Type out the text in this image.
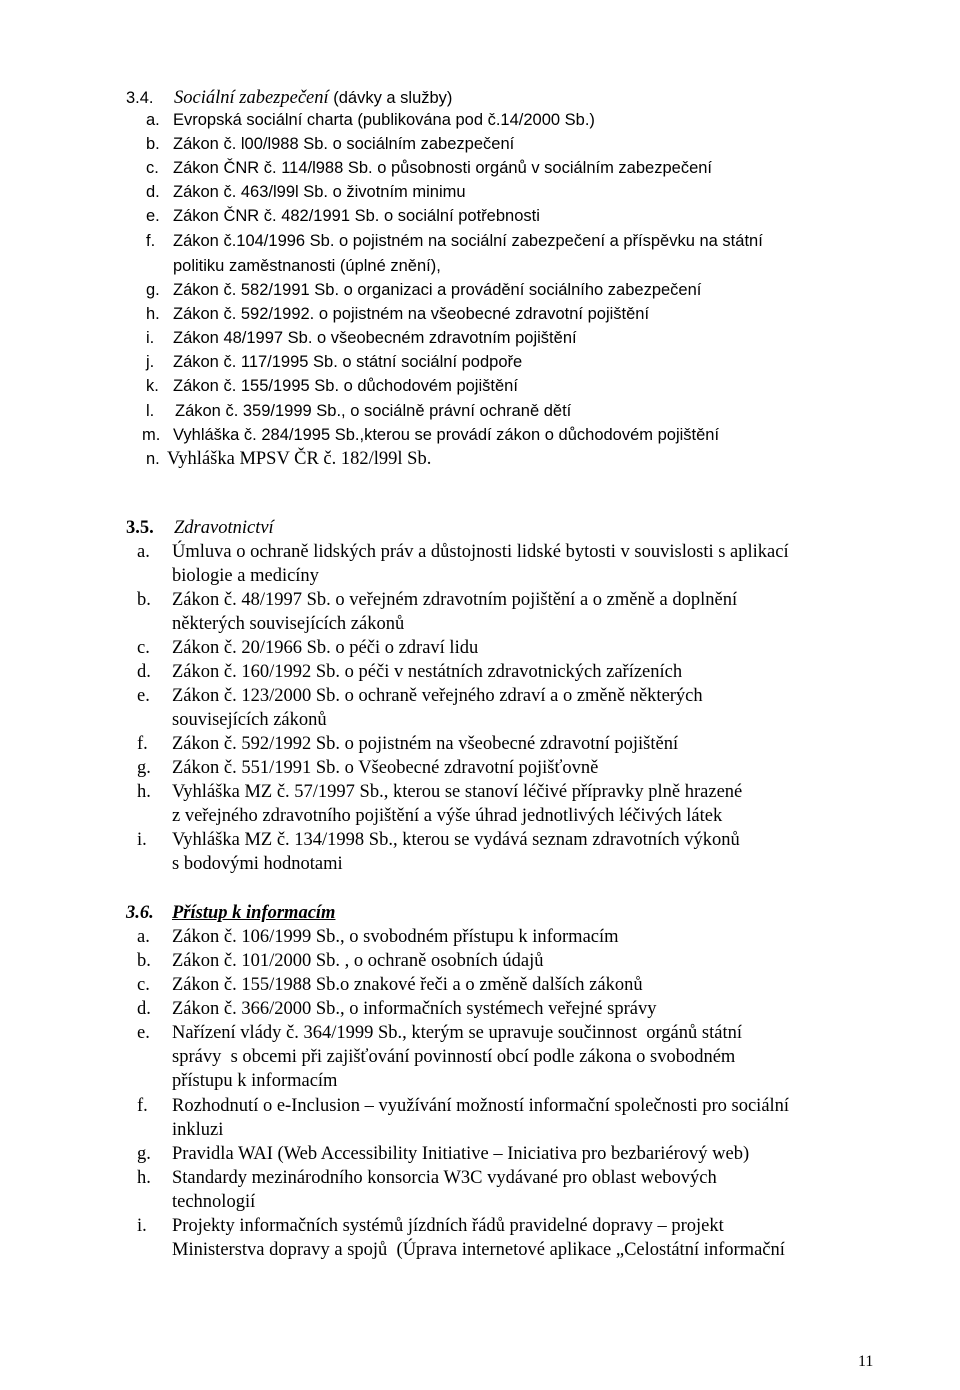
3.4. Sociální zabezpečení (dávky a služby)
a. Evropská sociální charta (publikována pod č.14/2000 Sb.)
b. Zákon č. l00/l988 Sb. o sociálním zabezpečení
c. Zákon ČNR č. 114/l988 Sb. o působnosti orgánů v sociálním zabezpečení
d. Zákon č. 463/l99l Sb. o životním minimu
e. Zákon ČNR č. 482/1991 Sb. o sociální potřebnosti
f. Zákon č.104/1996 Sb. o pojistném na sociální zabezpečení a příspěvku na státní
politiku zaměstnanosti (úplné znění),
g. Zákon č. 582/1991 Sb. o organizaci a provádění sociálního zabezpečení
h. Zákon č. 592/1992. o pojistném na všeobecné zdravotní pojištění
i. Zákon 48/1997 Sb. o všeobecném zdravotním pojištění
j. Zákon č. 117/1995 Sb. o státní sociální podpoře
k. Zákon č. 155/1995 Sb. o důchodovém pojištění
l. Zákon č. 359/1999 Sb., o sociálně právní ochraně dětí
m. Vyhláška č. 284/1995 Sb.,kterou se provádí zákon o důchodovém pojištění
n. Vyhláška MPSV ČR č. 182/l99l Sb.
3.5. Zdravotnictví
a. Úmluva o ochraně lidských práv a důstojnosti lidské bytosti v souvislosti s aplikací
biologie a medicíny
b. Zákon č. 48/1997 Sb. o veřejném zdravotním pojištění a o změně a doplnění
některých souvisejících zákonů
c. Zákon č. 20/1966 Sb. o péči o zdraví lidu
d. Zákon č. 160/1992 Sb. o péči v nestátních zdravotnických zařízeních
e. Zákon č. 123/2000 Sb. o ochraně veřejného zdraví a o změně některých
souvisejících zákonů
f. Zákon č. 592/1992 Sb. o pojistném na všeobecné zdravotní pojištění
g. Zákon č. 551/1991 Sb. o Všeobecné zdravotní pojišťovně
h. Vyhláška MZ č. 57/1997 Sb., kterou se stanoví léčivé přípravky plně hrazené
z veřejného zdravotního pojištění a výše úhrad jednotlivých léčivých látek
i. Vyhláška MZ č. 134/1998 Sb., kterou se vydává seznam zdravotních výkonů
s bodovými hodnotami
3.6. Přístup k informacím
a. Zákon č. 106/1999 Sb., o svobodném přístupu k informacím
b. Zákon č. 101/2000 Sb. , o ochraně osobních údajů
c. Zákon č. 155/1988 Sb.o znakové řeči a o změně dalších zákonů
d. Zákon č. 366/2000 Sb., o informačních systémech veřejné správy
e. Nařízení vlády č. 364/1999 Sb., kterým se upravuje součinnost  orgánů státní
správy  s obcemi při zajišťování povinností obcí podle zákona o svobodném
přístupu k informacím
f. Rozhodnutí o e-Inclusion – využívání možností informační společnosti pro sociální
inkluzi
g. Pravidla WAI (Web Accessibility Initiative – Iniciativa pro bezbariérový web)
h. Standardy mezinárodního konsorcia W3C vydávané pro oblast webových
technologií
i. Projekty informačních systémů jízdních řádů pravidelné dopravy – projekt
Ministerstva dopravy a spojů  (Úprava internetové aplikace „Celostátní informační
11
